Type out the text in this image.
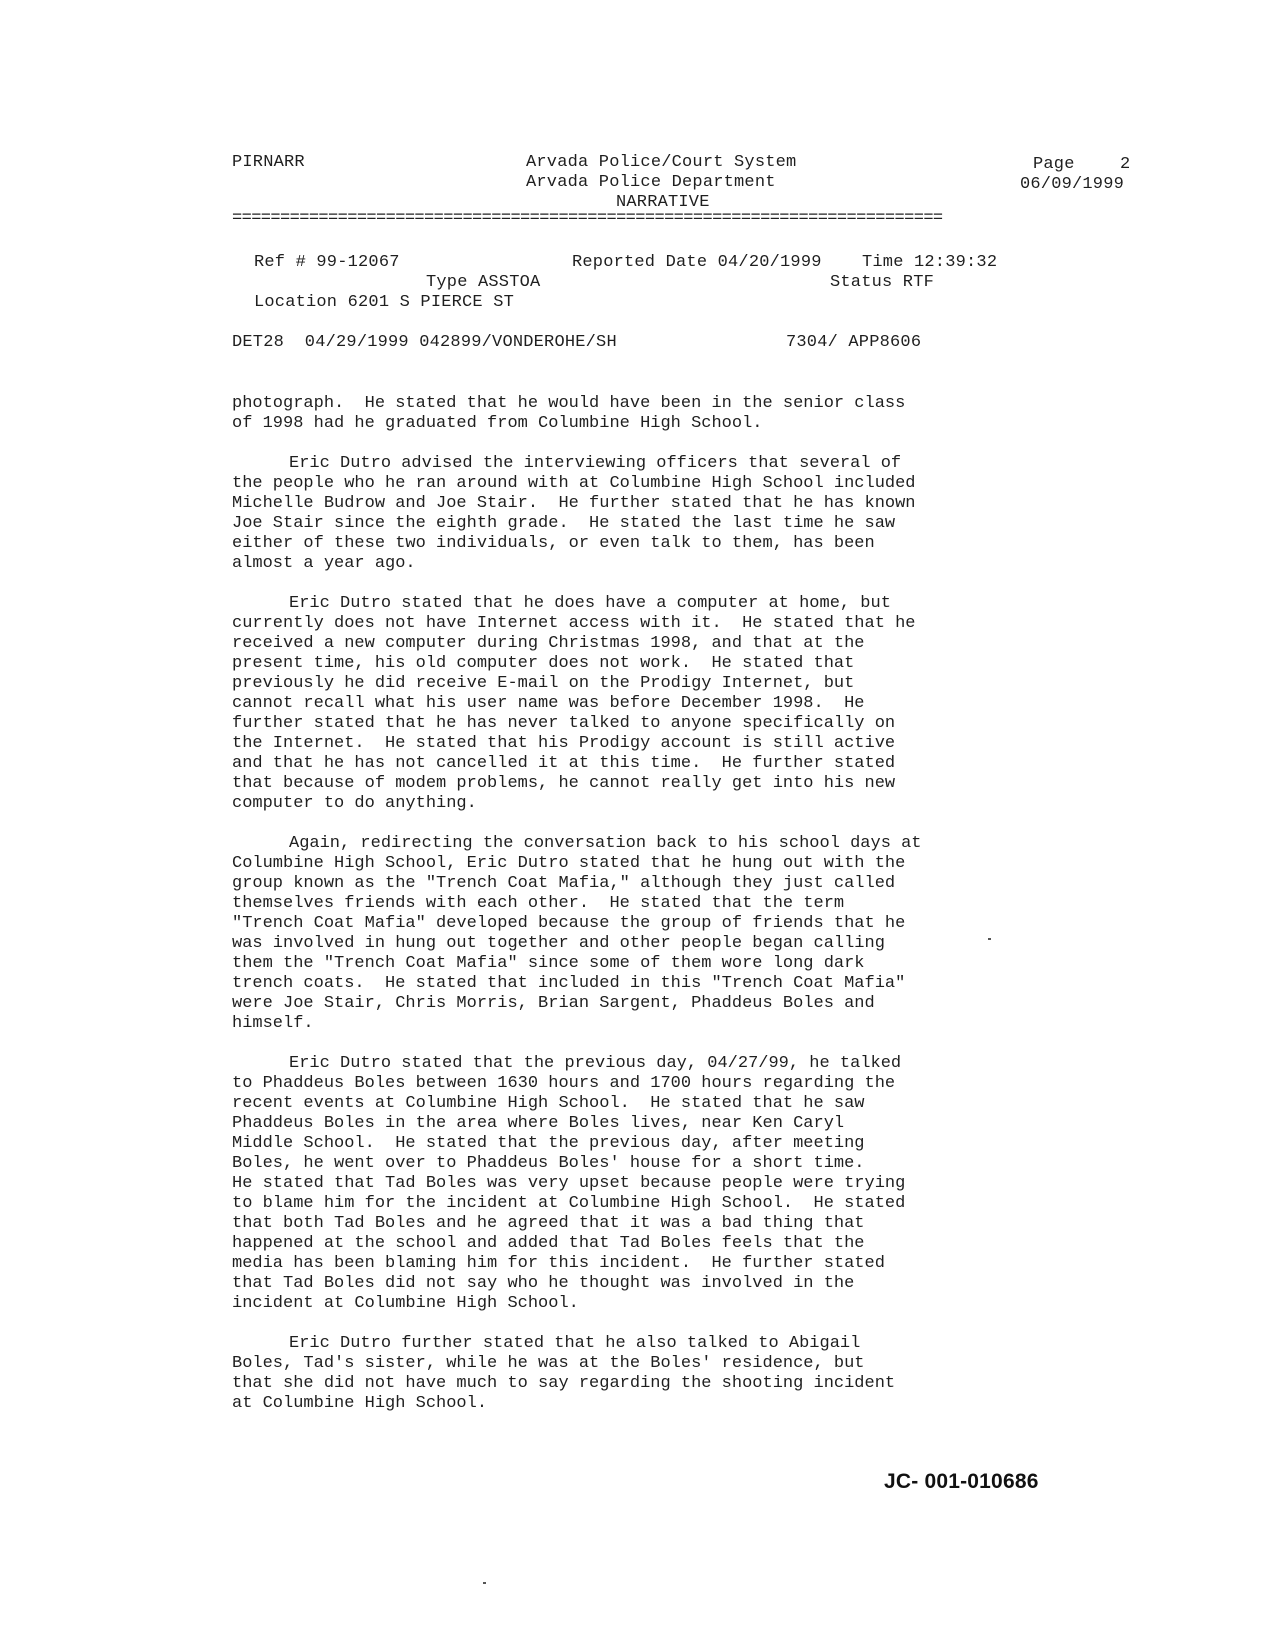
PIRNARR	Arvada Police/Court System
Arvada Police Department
NARRATIVE
Page	2
06/09/1999
==========================================================================
Ref # 99-12067	Reported Date 04/20/1999 Time 12:39:32
Type ASSTOA	Status RTF
Location 6201 S PIERCE ST
DET28  04/29/1999 042899/VONDEROHE/SH	7304/ APP8606

photograph.  He stated that he would have been in the senior class
of 1998 had he graduated from Columbine High School.

Eric Dutro advised the interviewing officers that several of
the people who he ran around with at Columbine High School included
Michelle Budrow and Joe Stair.  He further stated that he has known
Joe Stair since the eighth grade.  He stated the last time he saw
either of these two individuals, or even talk to them, has been
almost a year ago.

Eric Dutro stated that he does have a computer at home, but
currently does not have Internet access with it.  He stated that he
received a new computer during Christmas 1998, and that at the
present time, his old computer does not work.  He stated that
previously he did receive E-mail on the Prodigy Internet, but
cannot recall what his user name was before December 1998.  He
further stated that he has never talked to anyone specifically on
the Internet.  He stated that his Prodigy account is still active
and that he has not cancelled it at this time.  He further stated
that because of modem problems, he cannot really get into his new
computer to do anything.

Again, redirecting the conversation back to his school days at
Columbine High School, Eric Dutro stated that he hung out with the
group known as the "Trench Coat Mafia," although they just called
themselves friends with each other.  He stated that the term
"Trench Coat Mafia" developed because the group of friends that he
was involved in hung out together and other people began calling
them the "Trench Coat Mafia" since some of them wore long dark
trench coats.  He stated that included in this "Trench Coat Mafia"
were Joe Stair, Chris Morris, Brian Sargent, Phaddeus Boles and
himself.

Eric Dutro stated that the previous day, 04/27/99, he talked
to Phaddeus Boles between 1630 hours and 1700 hours regarding the
recent events at Columbine High School.  He stated that he saw
Phaddeus Boles in the area where Boles lives, near Ken Caryl
Middle School.  He stated that the previous day, after meeting
Boles, he went over to Phaddeus Boles' house for a short time.
He stated that Tad Boles was very upset because people were trying
to blame him for the incident at Columbine High School.  He stated
that both Tad Boles and he agreed that it was a bad thing that
happened at the school and added that Tad Boles feels that the
media has been blaming him for this incident.  He further stated
that Tad Boles did not say who he thought was involved in the
incident at Columbine High School.

Eric Dutro further stated that he also talked to Abigail
Boles, Tad's sister, while he was at the Boles' residence, but
that she did not have much to say regarding the shooting incident
at Columbine High School.

JC- 001-010686
